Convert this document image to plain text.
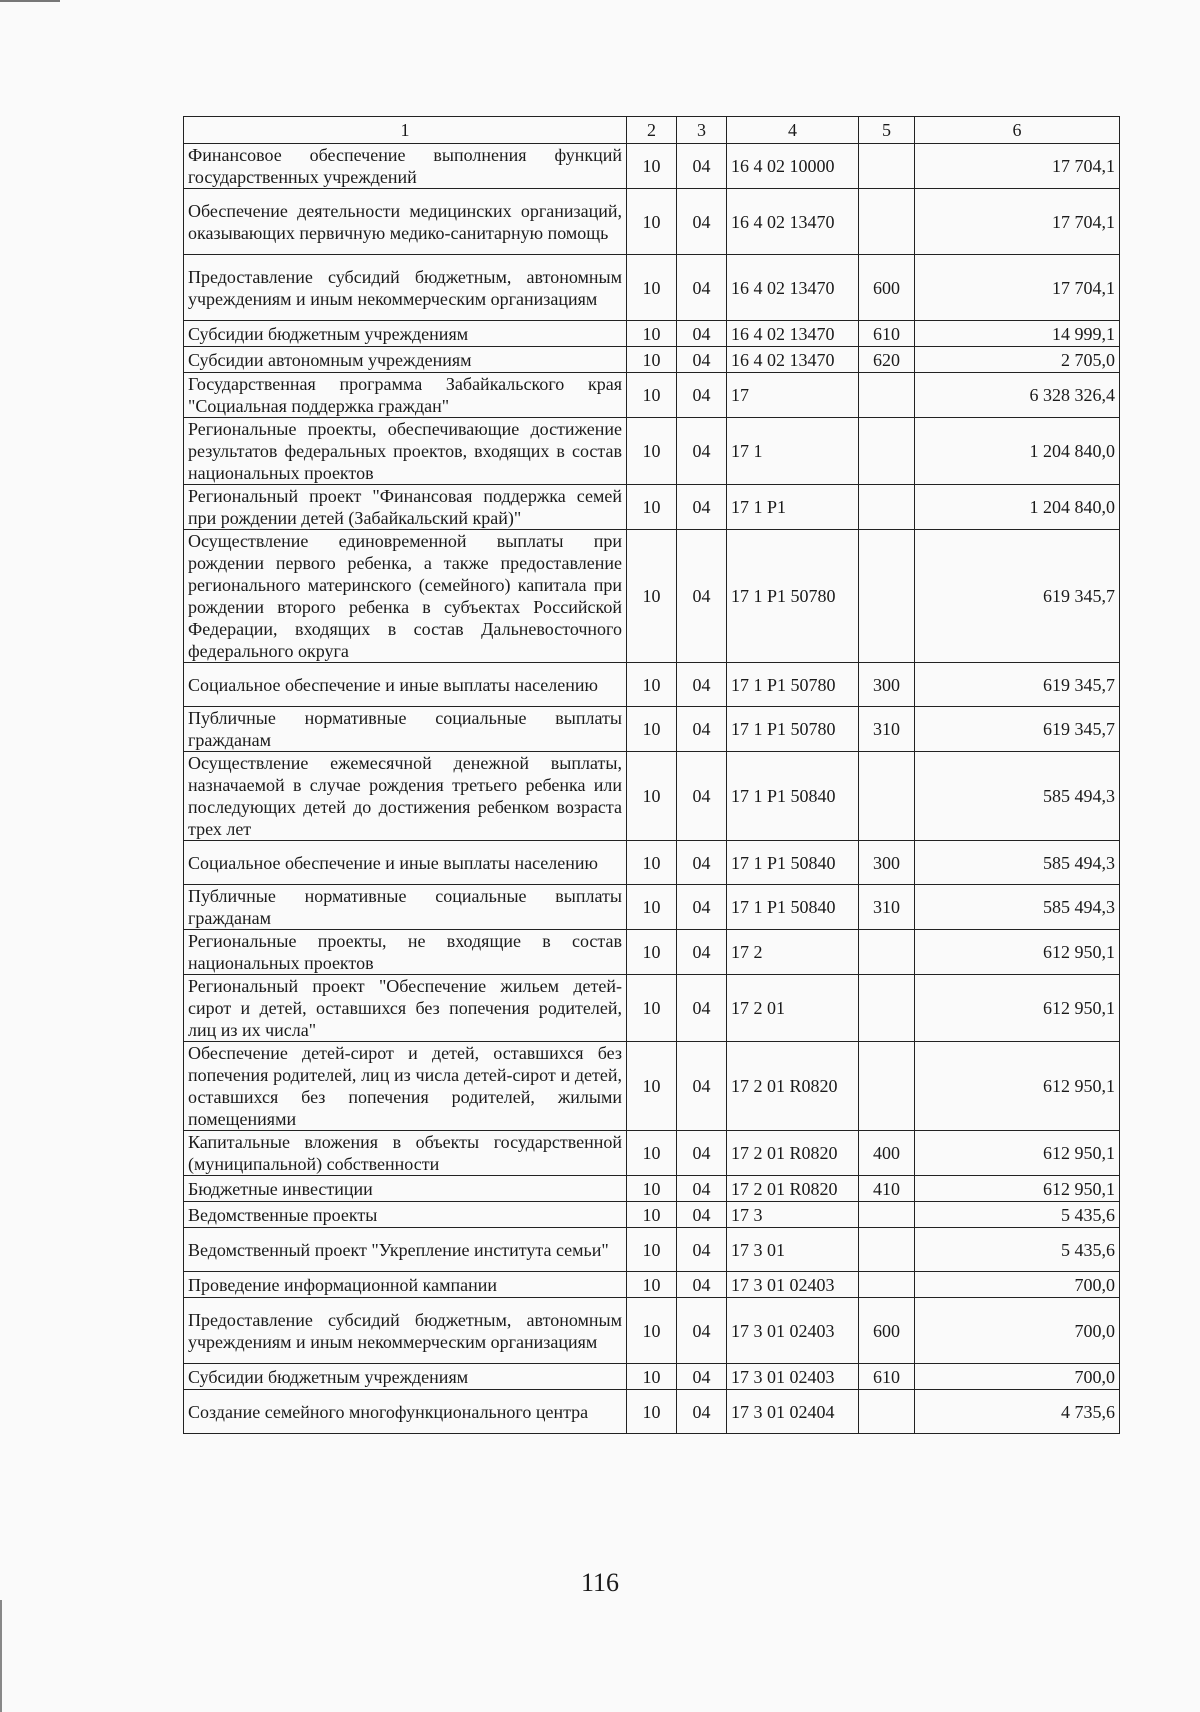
1	2	3	4	5	6
Финансовое обеспечение выполнения функций государственных учреждений	10	04	16 4 02 10000		17 704,1
Обеспечение деятельности медицинских организаций, оказывающих первичную медико-санитарную помощь	10	04	16 4 02 13470		17 704,1
Предоставление субсидий бюджетным, автономным учреждениям и иным некоммерческим организациям	10	04	16 4 02 13470	600	17 704,1
Субсидии бюджетным учреждениям	10	04	16 4 02 13470	610	14 999,1
Субсидии автономным учреждениям	10	04	16 4 02 13470	620	2 705,0
Государственная программа Забайкальского края "Социальная поддержка граждан"	10	04	17		6 328 326,4
Региональные проекты, обеспечивающие достижение результатов федеральных проектов, входящих в состав национальных проектов	10	04	17 1		1 204 840,0
Региональный проект "Финансовая поддержка семей при рождении детей (Забайкальский край)"	10	04	17 1 P1		1 204 840,0
Осуществление единовременной выплаты при рождении первого ребенка, а также предоставление регионального материнского (семейного) капитала при рождении второго ребенка в субъектах Российской Федерации, входящих в состав Дальневосточного федерального округа	10	04	17 1 P1 50780		619 345,7
Социальное обеспечение и иные выплаты населению	10	04	17 1 P1 50780	300	619 345,7
Публичные нормативные социальные выплаты гражданам	10	04	17 1 P1 50780	310	619 345,7
Осуществление ежемесячной денежной выплаты, назначаемой в случае рождения третьего ребенка или последующих детей до достижения ребенком возраста трех лет	10	04	17 1 P1 50840		585 494,3
Социальное обеспечение и иные выплаты населению	10	04	17 1 P1 50840	300	585 494,3
Публичные нормативные социальные выплаты гражданам	10	04	17 1 P1 50840	310	585 494,3
Региональные проекты, не входящие в состав национальных проектов	10	04	17 2		612 950,1
Региональный проект "Обеспечение жильем детей-сирот и детей, оставшихся без попечения родителей, лиц из их числа"	10	04	17 2 01		612 950,1
Обеспечение детей-сирот и детей, оставшихся без попечения родителей, лиц из числа детей-сирот и детей, оставшихся без попечения родителей, жилыми помещениями	10	04	17 2 01 R0820		612 950,1
Капитальные вложения в объекты государственной (муниципальной) собственности	10	04	17 2 01 R0820	400	612 950,1
Бюджетные инвестиции	10	04	17 2 01 R0820	410	612 950,1
Ведомственные проекты	10	04	17 3		5 435,6
Ведомственный проект "Укрепление института семьи"	10	04	17 3 01		5 435,6
Проведение информационной кампании	10	04	17 3 01 02403		700,0
Предоставление субсидий бюджетным, автономным учреждениям и иным некоммерческим организациям	10	04	17 3 01 02403	600	700,0
Субсидии бюджетным учреждениям	10	04	17 3 01 02403	610	700,0
Создание семейного многофункционального центра	10	04	17 3 01 02404		4 735,6
116
